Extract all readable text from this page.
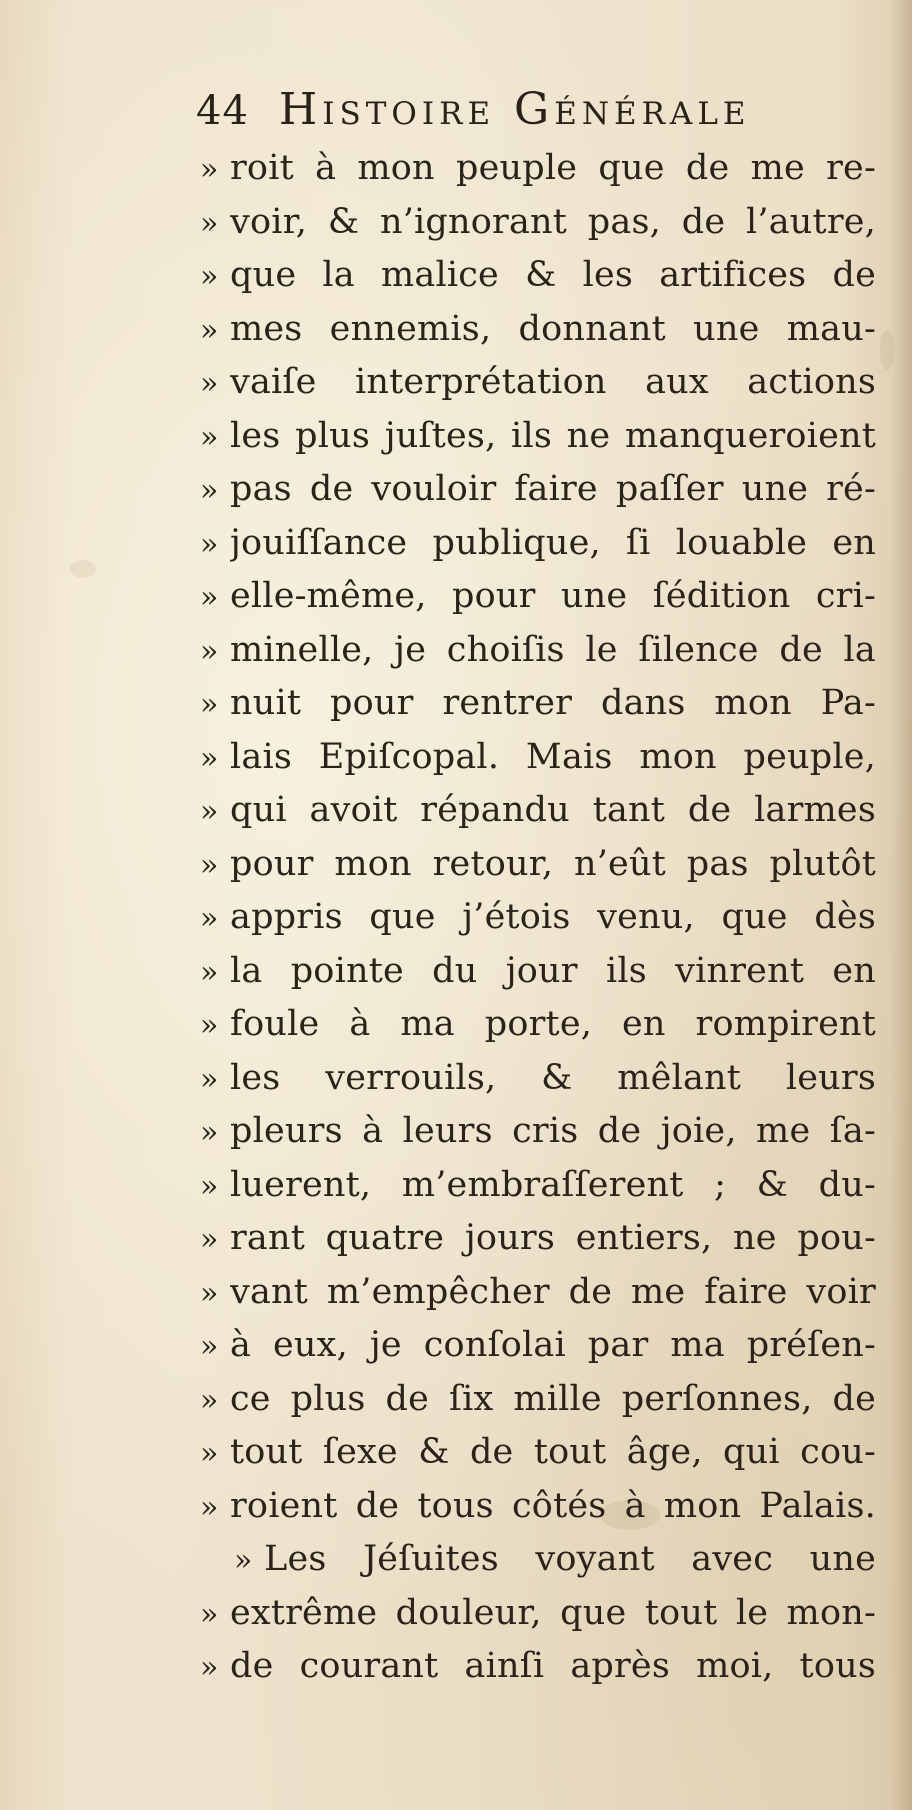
44 Histoire Générale
» roit à mon peuple que de me re-
» voir, & n’ignorant pas, de l’autre,
» que la malice & les artifices de
» mes ennemis, donnant une mau-
» vaiſe interprétation aux actions
» les plus juſtes, ils ne manqueroient
» pas de vouloir faire paſſer une ré-
» jouiſſance publique, ſi louable en
» elle-même, pour une ſédition cri-
» minelle, je choiſis le ſilence de la
» nuit pour rentrer dans mon Pa-
» lais Epiſcopal. Mais mon peuple,
» qui avoit répandu tant de larmes
» pour mon retour, n’eût pas plutôt
» appris que j’étois venu, que dès
» la pointe du jour ils vinrent en
» foule à ma porte, en rompirent
» les verrouils, & mêlant leurs
» pleurs à leurs cris de joie, me ſa-
» luerent, m’embraſſerent ; & du-
» rant quatre jours entiers, ne pou-
» vant m’empêcher de me faire voir
» à eux, je conſolai par ma préſen-
» ce plus de ſix mille perſonnes, de
» tout ſexe & de tout âge, qui cou-
» roient de tous côtés à mon Palais.
» Les Jéſuites voyant avec une
» extrême douleur, que tout le mon-
» de courant ainſi après moi, tous
